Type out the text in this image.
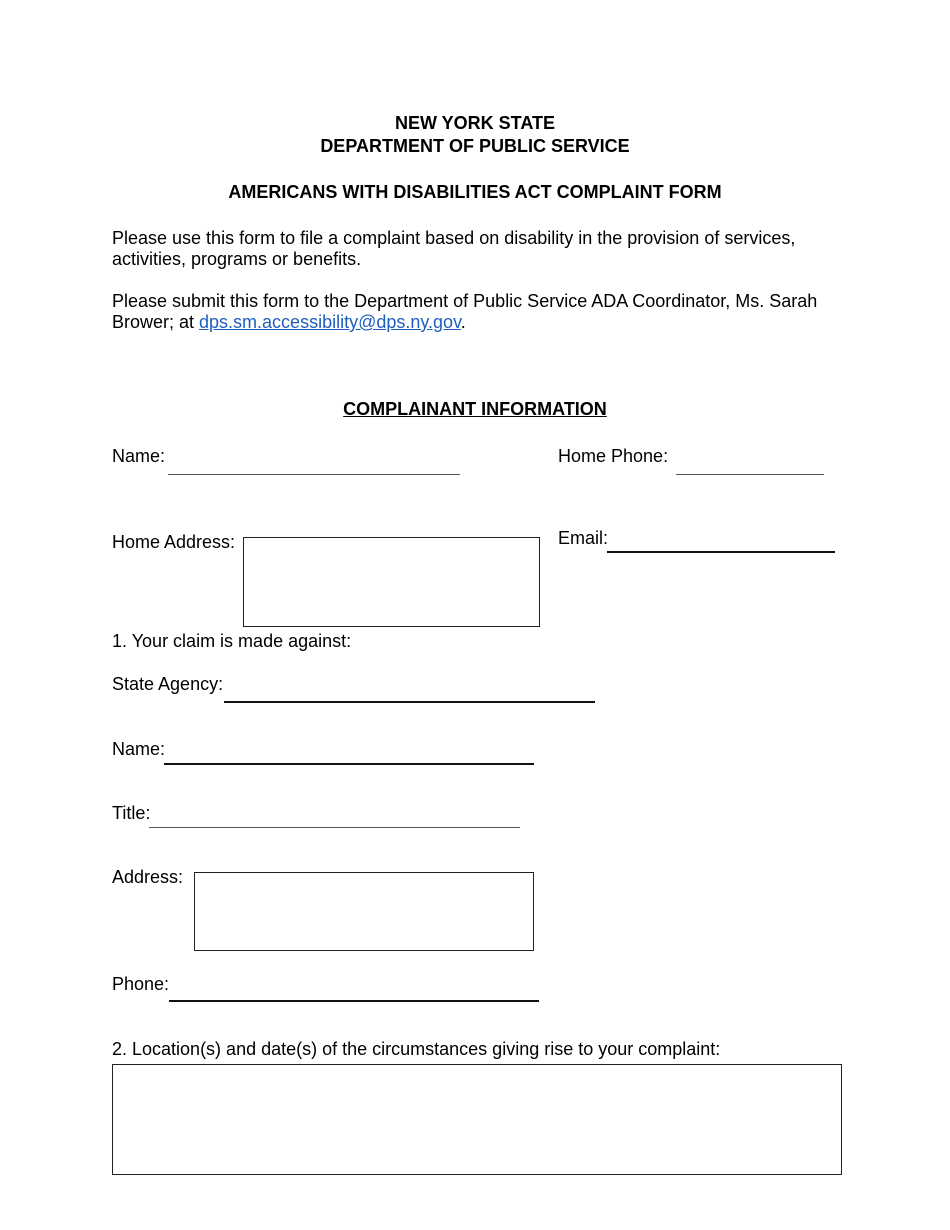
NEW YORK STATE
DEPARTMENT OF PUBLIC SERVICE
AMERICANS WITH DISABILITIES ACT COMPLAINT FORM
Please use this form to file a complaint based on disability in the provision of services, activities, programs or benefits.
Please submit this form to the Department of Public Service ADA Coordinator, Ms. Sarah Brower; at dps.sm.accessibility@dps.ny.gov.
COMPLAINANT INFORMATION
Name:	Home Phone:
Home Address:	Email:
1. Your claim is made against:
State Agency:
Name:
Title:
Address:
Phone:
2. Location(s) and date(s) of the circumstances giving rise to your complaint:
